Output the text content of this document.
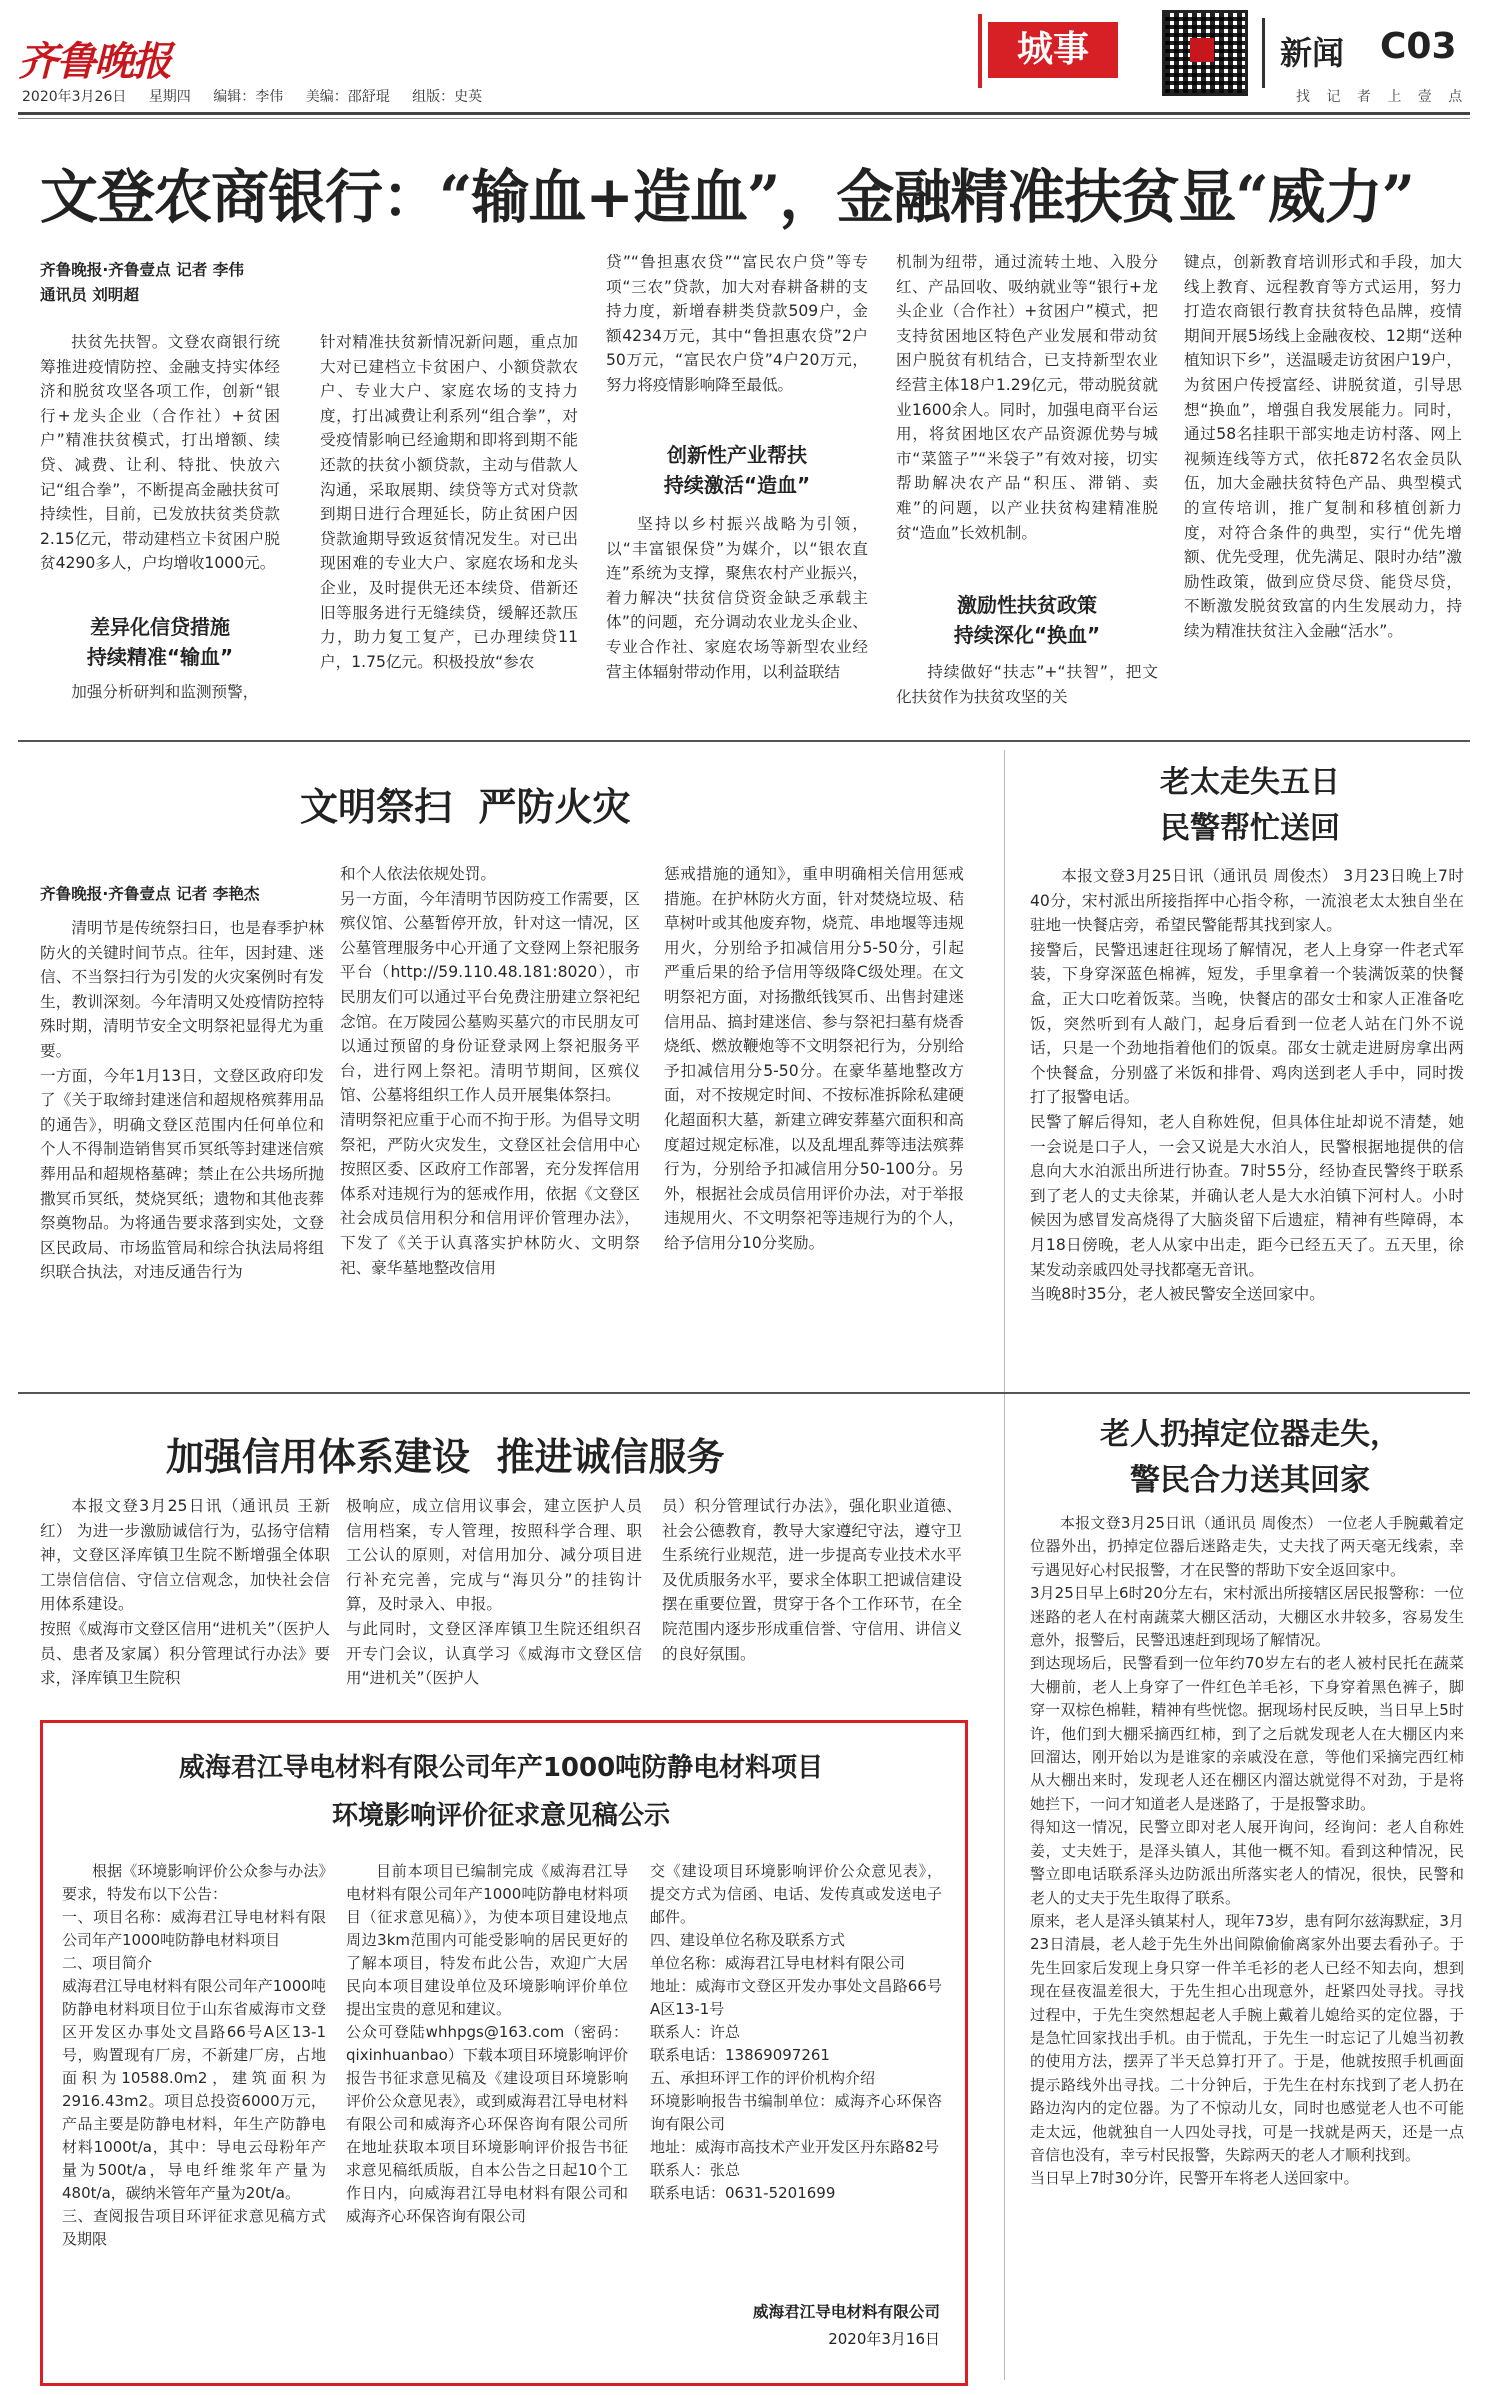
齐鲁晚报
2020年3月26日 星期四 编辑：李伟 美编：邵舒琨 组版：史英
城事	新闻 C03
找 记 者 上 壹 点
文登农商银行：“输血+造血”，金融精准扶贫显“威力”
齐鲁晚报·齐鲁壹点 记者 李伟
通讯员 刘明超

扶贫先扶智。文登农商银行统筹推进疫情防控、金融支持实体经济和脱贫攻坚各项工作，创新“银行+龙头企业（合作社）+贫困户”精准扶贫模式，打出增额、续贷、减费、让利、特批、快放六记“组合拳”，不断提高金融扶贫可持续性，目前，已发放扶贫类贷款2.15亿元，带动建档立卡贫困户脱贫4290多人，户均增收1000元。

差异化信贷措施
持续精准“输血”

加强分析研判和监测预警，

针对精准扶贫新情况新问题，重点加大对已建档立卡贫困户、小额贷款农户、专业大户、家庭农场的支持力度，打出减费让利系列“组合拳”，对受疫情影响已经逾期和即将到期不能还款的扶贫小额贷款，主动与借款人沟通，采取展期、续贷等方式对贷款到期日进行合理延长，防止贫困户因贷款逾期导致返贫情况发生。对已出现困难的专业大户、家庭农场和龙头企业，及时提供无还本续贷、借新还旧等服务进行无缝续贷，缓解还款压力，助力复工复产，已办理续贷11户，1.75亿元。积极投放“参农

贷”“鲁担惠农贷”“富民农户贷”等专项“三农”贷款，加大对春耕备耕的支持力度，新增春耕类贷款509户，金额4234万元，其中“鲁担惠农贷”2户50万元，“富民农户贷”4户20万元，努力将疫情影响降至最低。

创新性产业帮扶
持续激活“造血”

坚持以乡村振兴战略为引领，以“丰富银保贷”为媒介，以“银农直连”系统为支撑，聚焦农村产业振兴，着力解决“扶贫信贷资金缺乏承载主体”的问题，充分调动农业龙头企业、专业合作社、家庭农场等新型农业经营主体辐射带动作用，以利益联结

机制为纽带，通过流转土地、入股分红、产品回收、吸纳就业等“银行+龙头企业（合作社）+贫困户”模式，把支持贫困地区特色产业发展和带动贫困户脱贫有机结合，已支持新型农业经营主体18户1.29亿元，带动脱贫就业1600余人。同时，加强电商平台运用，将贫困地区农产品资源优势与城市“菜篮子”“米袋子”有效对接，切实帮助解决农产品“积压、滞销、卖难”的问题，以产业扶贫构建精准脱贫“造血”长效机制。

激励性扶贫政策
持续深化“换血”

持续做好“扶志”+“扶智”，把文化扶贫作为扶贫攻坚的关

键点，创新教育培训形式和手段，加大线上教育、远程教育等方式运用，努力打造农商银行教育扶贫特色品牌，疫情期间开展5场线上金融夜校、12期“送种植知识下乡”，送温暖走访贫困户19户，为贫困户传授富经、讲脱贫道，引导思想“换血”，增强自我发展能力。同时，通过58名挂职干部实地走访村落、网上视频连线等方式，依托872名农金员队伍，加大金融扶贫特色产品、典型模式的宣传培训，推广复制和移植创新力度，对符合条件的典型，实行“优先增额、优先受理，优先满足、限时办结”激励性政策，做到应贷尽贷、能贷尽贷，不断激发脱贫致富的内生发展动力，持续为精准扶贫注入金融“活水”。

文明祭扫  严防火灾
齐鲁晚报·齐鲁壹点 记者 李艳杰

清明节是传统祭扫日，也是春季护林防火的关键时间节点。往年，因封建、迷信、不当祭扫行为引发的火灾案例时有发生，教训深刻。今年清明又处疫情防控特殊时期，清明节安全文明祭祀显得尤为重要。
一方面，今年1月13日，文登区政府印发了《关于取缔封建迷信和超规格殡葬用品的通告》，明确文登区范围内任何单位和个人不得制造销售冥币冥纸等封建迷信殡葬用品和超规格墓碑；禁止在公共场所抛撒冥币冥纸，焚烧冥纸；遗物和其他丧葬祭奠物品。为将通告要求落到实处，文登区民政局、市场监管局和综合执法局将组织联合执法，对违反通告行为

和个人依法依规处罚。
另一方面，今年清明节因防疫工作需要，区殡仪馆、公墓暂停开放，针对这一情况，区公墓管理服务中心开通了文登网上祭祀服务平台（http://59.110.48.181:8020），市民朋友们可以通过平台免费注册建立祭祀纪念馆。在万陵园公墓购买墓穴的市民朋友可以通过预留的身份证登录网上祭祀服务平台，进行网上祭祀。清明节期间，区殡仪馆、公墓将组织工作人员开展集体祭扫。
清明祭祀应重于心而不拘于形。为倡导文明祭祀，严防火灾发生，文登区社会信用中心按照区委、区政府工作部署，充分发挥信用体系对违规行为的惩戒作用，依据《文登区社会成员信用积分和信用评价管理办法》，下发了《关于认真落实护林防火、文明祭祀、豪华墓地整改信用

惩戒措施的通知》，重申明确相关信用惩戒措施。在护林防火方面，针对焚烧垃圾、秸草树叶或其他废弃物，烧荒、串地堰等违规用火，分别给予扣减信用分5-50分，引起严重后果的给予信用等级降C级处理。在文明祭祀方面，对扬撒纸钱冥币、出售封建迷信用品、搞封建迷信、参与祭祀扫墓有烧香烧纸、燃放鞭炮等不文明祭祀行为，分别给予扣减信用分5-50分。在豪华墓地整改方面，对不按规定时间、不按标准拆除私建硬化超面积大墓，新建立碑安葬墓穴面积和高度超过规定标准，以及乱埋乱葬等违法殡葬行为，分别给予扣减信用分50-100分。另外，根据社会成员信用评价办法，对于举报违规用火、不文明祭祀等违规行为的个人，给予信用分10分奖励。

老太走失五日
民警帮忙送回

本报文登3月25日讯（通讯员 周俊杰） 3月23日晚上7时40分，宋村派出所接指挥中心指令称，一流浪老太太独自坐在驻地一快餐店旁，希望民警能帮其找到家人。
接警后，民警迅速赶往现场了解情况，老人上身穿一件老式军装，下身穿深蓝色棉裤，短发，手里拿着一个装满饭菜的快餐盒，正大口吃着饭菜。当晚，快餐店的邵女士和家人正准备吃饭，突然听到有人敲门，起身后看到一位老人站在门外不说话，只是一个劲地指着他们的饭桌。邵女士就走进厨房拿出两个快餐盒，分别盛了米饭和排骨、鸡肉送到老人手中，同时拨打了报警电话。
民警了解后得知，老人自称姓倪，但具体住址却说不清楚，她一会说是口子人，一会又说是大水泊人，民警根据地提供的信息向大水泊派出所进行协查。7时55分，经协查民警终于联系到了老人的丈夫徐某，并确认老人是大水泊镇下河村人。小时候因为感冒发高烧得了大脑炎留下后遗症，精神有些障碍，本月18日傍晚，老人从家中出走，距今已经五天了。五天里，徐某发动亲戚四处寻找都毫无音讯。
当晚8时35分，老人被民警安全送回家中。

加强信用体系建设  推进诚信服务

本报文登3月25日讯（通讯员 王新红） 为进一步激励诚信行为，弘扬守信精神，文登区泽库镇卫生院不断增强全体职工崇信信信、守信立信观念，加快社会信用体系建设。
按照《威海市文登区信用“进机关”（医护人员、患者及家属）积分管理试行办法》要求，泽库镇卫生院积

极响应，成立信用议事会，建立医护人员信用档案，专人管理，按照科学合理、职工公认的原则，对信用加分、减分项目进行补充完善，完成与“海贝分”的挂钩计算，及时录入、申报。
与此同时，文登区泽库镇卫生院还组织召开专门会议，认真学习《威海市文登区信用“进机关”（医护人

员）积分管理试行办法》，强化职业道德、社会公德教育，教导大家遵纪守法，遵守卫生系统行业规范，进一步提高专业技术水平及优质服务水平，要求全体职工把诚信建设摆在重要位置，贯穿于各个工作环节，在全院范围内逐步形成重信誉、守信用、讲信义的良好氛围。

老人扔掉定位器走失，
警民合力送其回家

本报文登3月25日讯（通讯员 周俊杰） 一位老人手腕戴着定位器外出，扔掉定位器后迷路走失，丈夫找了两天毫无线索，幸亏遇见好心村民报警，才在民警的帮助下安全返回家中。
3月25日早上6时20分左右，宋村派出所接辖区居民报警称：一位迷路的老人在村南蔬菜大棚区活动，大棚区水井较多，容易发生意外，报警后，民警迅速赶到现场了解情况。
到达现场后，民警看到一位年约70岁左右的老人被村民托在蔬菜大棚前，老人上身穿了一件红色羊毛衫，下身穿着黑色裤子，脚穿一双棕色棉鞋，精神有些恍惚。据现场村民反映，当日早上5时许，他们到大棚采摘西红柿，到了之后就发现老人在大棚区内来回溜达，刚开始以为是谁家的亲戚没在意，等他们采摘完西红柿从大棚出来时，发现老人还在棚区内溜达就觉得不对劲，于是将她拦下，一问才知道老人是迷路了，于是报警求助。
得知这一情况，民警立即对老人展开询问，经询问：老人自称姓姜，丈夫姓于，是泽头镇人，其他一概不知。看到这种情况，民警立即电话联系泽头边防派出所落实老人的情况，很快，民警和老人的丈夫于先生取得了联系。
原来，老人是泽头镇某村人，现年73岁，患有阿尔兹海默症，3月23日清晨，老人趁于先生外出间隙偷偷离家外出要去看孙子。于先生回家后发现上身只穿一件羊毛衫的老人已经不知去向，想到现在昼夜温差很大，于先生担心出现意外，赶紧四处寻找。寻找过程中，于先生突然想起老人手腕上戴着儿媳给买的定位器，于是急忙回家找出手机。由于慌乱，于先生一时忘记了儿媳当初教的使用方法，摆弄了半天总算打开了。于是，他就按照手机画面提示路线外出寻找。二十分钟后，于先生在村东找到了老人扔在路边沟内的定位器。为了不惊动儿女，同时也感觉老人也不可能走太远，他就独自一人四处寻找，可是一找就是两天，还是一点音信也没有，幸亏村民报警，失踪两天的老人才顺利找到。
当日早上7时30分许，民警开车将老人送回家中。

威海君江导电材料有限公司年产1000吨防静电材料项目
环境影响评价征求意见稿公示

根据《环境影响评价公众参与办法》要求，特发布以下公告：
一、项目名称：威海君江导电材料有限公司年产1000吨防静电材料项目
二、项目简介
威海君江导电材料有限公司年产1000吨防静电材料项目位于山东省威海市文登区开发区办事处文昌路66号A区13-1号，购置现有厂房，不新建厂房，占地面积为10588.0m2，建筑面积为2916.43m2。项目总投资6000万元，产品主要是防静电材料，年生产防静电材料1000t/a，其中：导电云母粉年产量为500t/a，导电纤维浆年产量为480t/a，碳纳米管年产量为20t/a。
三、查阅报告项目环评征求意见稿方式及期限

目前本项目已编制完成《威海君江导电材料有限公司年产1000吨防静电材料项目（征求意见稿）》，为使本项目建设地点周边3km范围内可能受影响的居民更好的了解本项目，特发布此公告，欢迎广大居民向本项目建设单位及环境影响评价单位提出宝贵的意见和建议。
公众可登陆whhpgs@163.com（密码：qixinhuanbao）下载本项目环境影响评价报告书征求意见稿及《建设项目环境影响评价公众意见表》，或到威海君江导电材料有限公司和威海齐心环保咨询有限公司所在地址获取本项目环境影响评价报告书征求意见稿纸质版，自本公告之日起10个工作日内，向威海君江导电材料有限公司和威海齐心环保咨询有限公司

交《建设项目环境影响评价公众意见表》，提交方式为信函、电话、发传真或发送电子邮件。
四、建设单位名称及联系方式
单位名称：威海君江导电材料有限公司
地址：威海市文登区开发办事处文昌路66号A区13-1号
联系人：许总
联系电话：13869097261
五、承担环评工作的评价机构介绍
环境影响报告书编制单位：威海齐心环保咨询有限公司
地址：威海市高技术产业开发区丹东路82号
联系人：张总
联系电话：0631-5201699

威海君江导电材料有限公司
2020年3月16日
